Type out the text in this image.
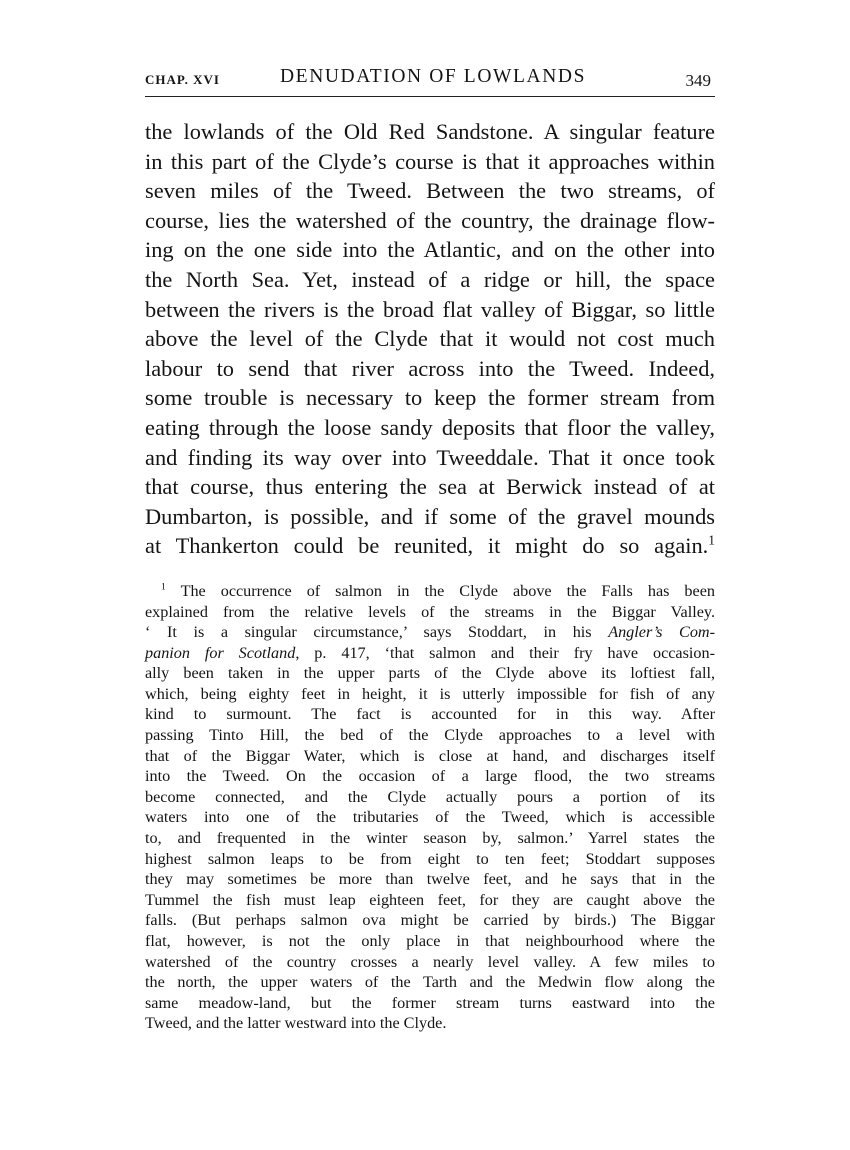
CHAP. XVI	DENUDATION OF LOWLANDS	349
the lowlands of the Old Red Sandstone. A singular feature
in this part of the Clyde’s course is that it approaches within
seven miles of the Tweed. Between the two streams, of
course, lies the watershed of the country, the drainage flow-
ing on the one side into the Atlantic, and on the other into
the North Sea. Yet, instead of a ridge or hill, the space
between the rivers is the broad flat valley of Biggar, so little
above the level of the Clyde that it would not cost much
labour to send that river across into the Tweed. Indeed,
some trouble is necessary to keep the former stream from
eating through the loose sandy deposits that floor the valley,
and finding its way over into Tweeddale. That it once took
that course, thus entering the sea at Berwick instead of at
Dumbarton, is possible, and if some of the gravel mounds
at Thankerton could be reunited, it might do so again.$^1$
$^1$ The occurrence of salmon in the Clyde above the Falls has been
explained from the relative levels of the streams in the Biggar Valley.
‘ It is a singular circumstance,’ says Stoddart, in his Angler’s Com-
panion for Scotland, p. 417, ‘that salmon and their fry have occasion-
ally been taken in the upper parts of the Clyde above its loftiest fall,
which, being eighty feet in height, it is utterly impossible for fish of any
kind to surmount. The fact is accounted for in this way. After
passing Tinto Hill, the bed of the Clyde approaches to a level with
that of the Biggar Water, which is close at hand, and discharges itself
into the Tweed. On the occasion of a large flood, the two streams
become connected, and the Clyde actually pours a portion of its
waters into one of the tributaries of the Tweed, which is accessible
to, and frequented in the winter season by, salmon.’ Yarrel states the
highest salmon leaps to be from eight to ten feet; Stoddart supposes
they may sometimes be more than twelve feet, and he says that in the
Tummel the fish must leap eighteen feet, for they are caught above the
falls. (But perhaps salmon ova might be carried by birds.) The Biggar
flat, however, is not the only place in that neighbourhood where the
watershed of the country crosses a nearly level valley. A few miles to
the north, the upper waters of the Tarth and the Medwin flow along the
same meadow-land, but the former stream turns eastward into the
Tweed, and the latter westward into the Clyde.
